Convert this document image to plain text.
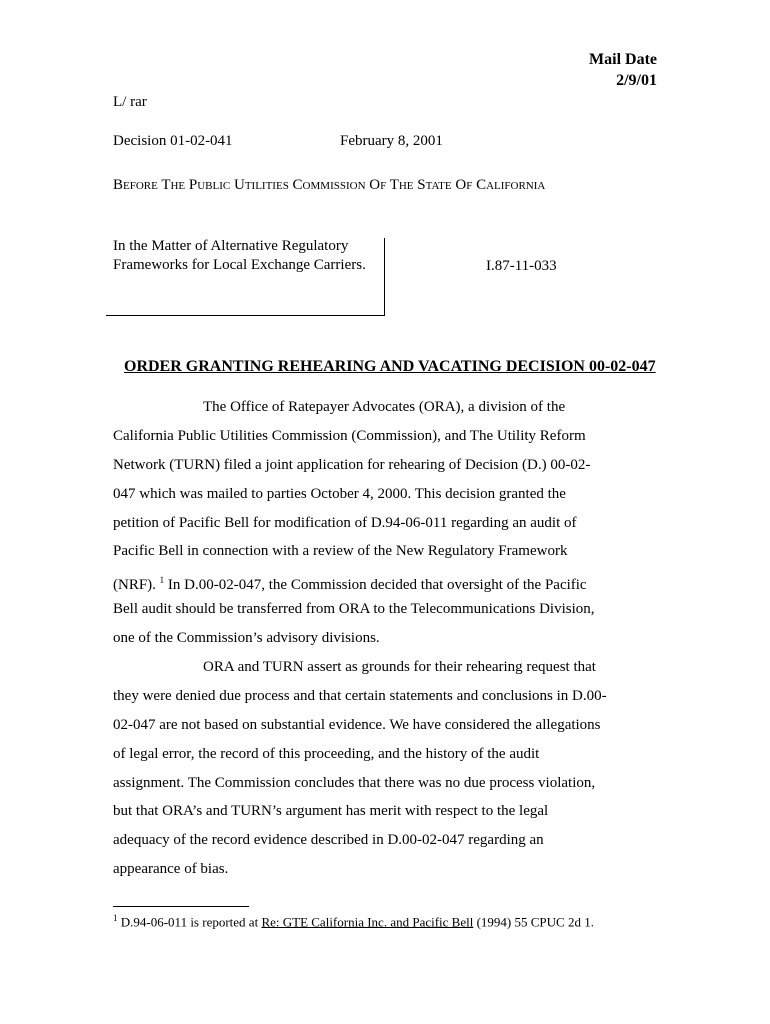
Mail Date
2/9/01
L/ rar
Decision 01-02-041	February 8, 2001
Before The Public Utilities Commission Of The State Of California
In the Matter of Alternative Regulatory Frameworks for Local Exchange Carriers.	I.87-11-033
ORDER GRANTING REHEARING AND VACATING DECISION 00-02-047
The Office of Ratepayer Advocates (ORA), a division of the
California Public Utilities Commission (Commission), and The Utility Reform
Network (TURN) filed a joint application for rehearing of Decision (D.) 00-02-
047 which was mailed to parties October 4, 2000. This decision granted the
petition of Pacific Bell for modification of D.94-06-011 regarding an audit of
Pacific Bell in connection with a review of the New Regulatory Framework
(NRF). $^1$ In D.00-02-047, the Commission decided that oversight of the Pacific
Bell audit should be transferred from ORA to the Telecommunications Division,
one of the Commission’s advisory divisions.
ORA and TURN assert as grounds for their rehearing request that
they were denied due process and that certain statements and conclusions in D.00-
02-047 are not based on substantial evidence. We have considered the allegations
of legal error, the record of this proceeding, and the history of the audit
assignment. The Commission concludes that there was no due process violation,
but that ORA’s and TURN’s argument has merit with respect to the legal
adequacy of the record evidence described in D.00-02-047 regarding an
appearance of bias.
$^1$ D.94-06-011 is reported at Re: GTE California Inc. and Pacific Bell (1994) 55 CPUC 2d 1.
